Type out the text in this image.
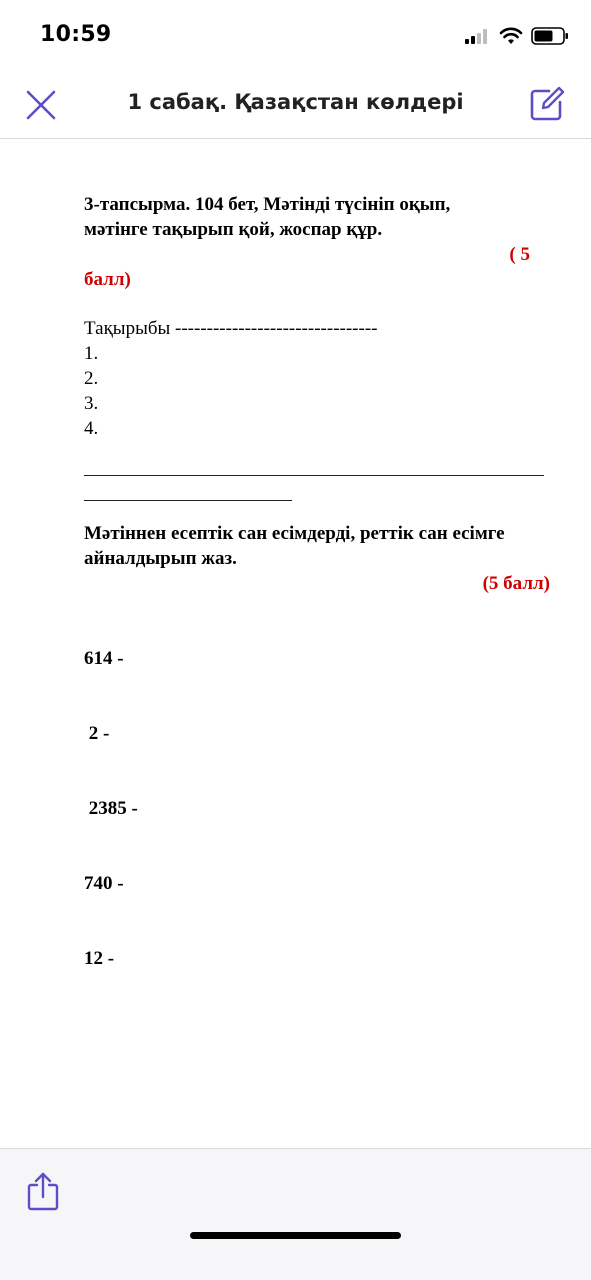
10:59
1 сабақ. Қазақстан көлдері
3-тапсырма. 104 бет, Мәтінді түсініп оқып,
мәтінге тақырып қой, жоспар құр.
( 5
балл)
Тақырыбы --------------------------------
1.
2.
3.
4.
Мәтіннен есептік сан есімдерді, реттік сан есімге
айналдырып жаз.
(5 балл)

614 -

2 -

2385 -

740 -

12 -
